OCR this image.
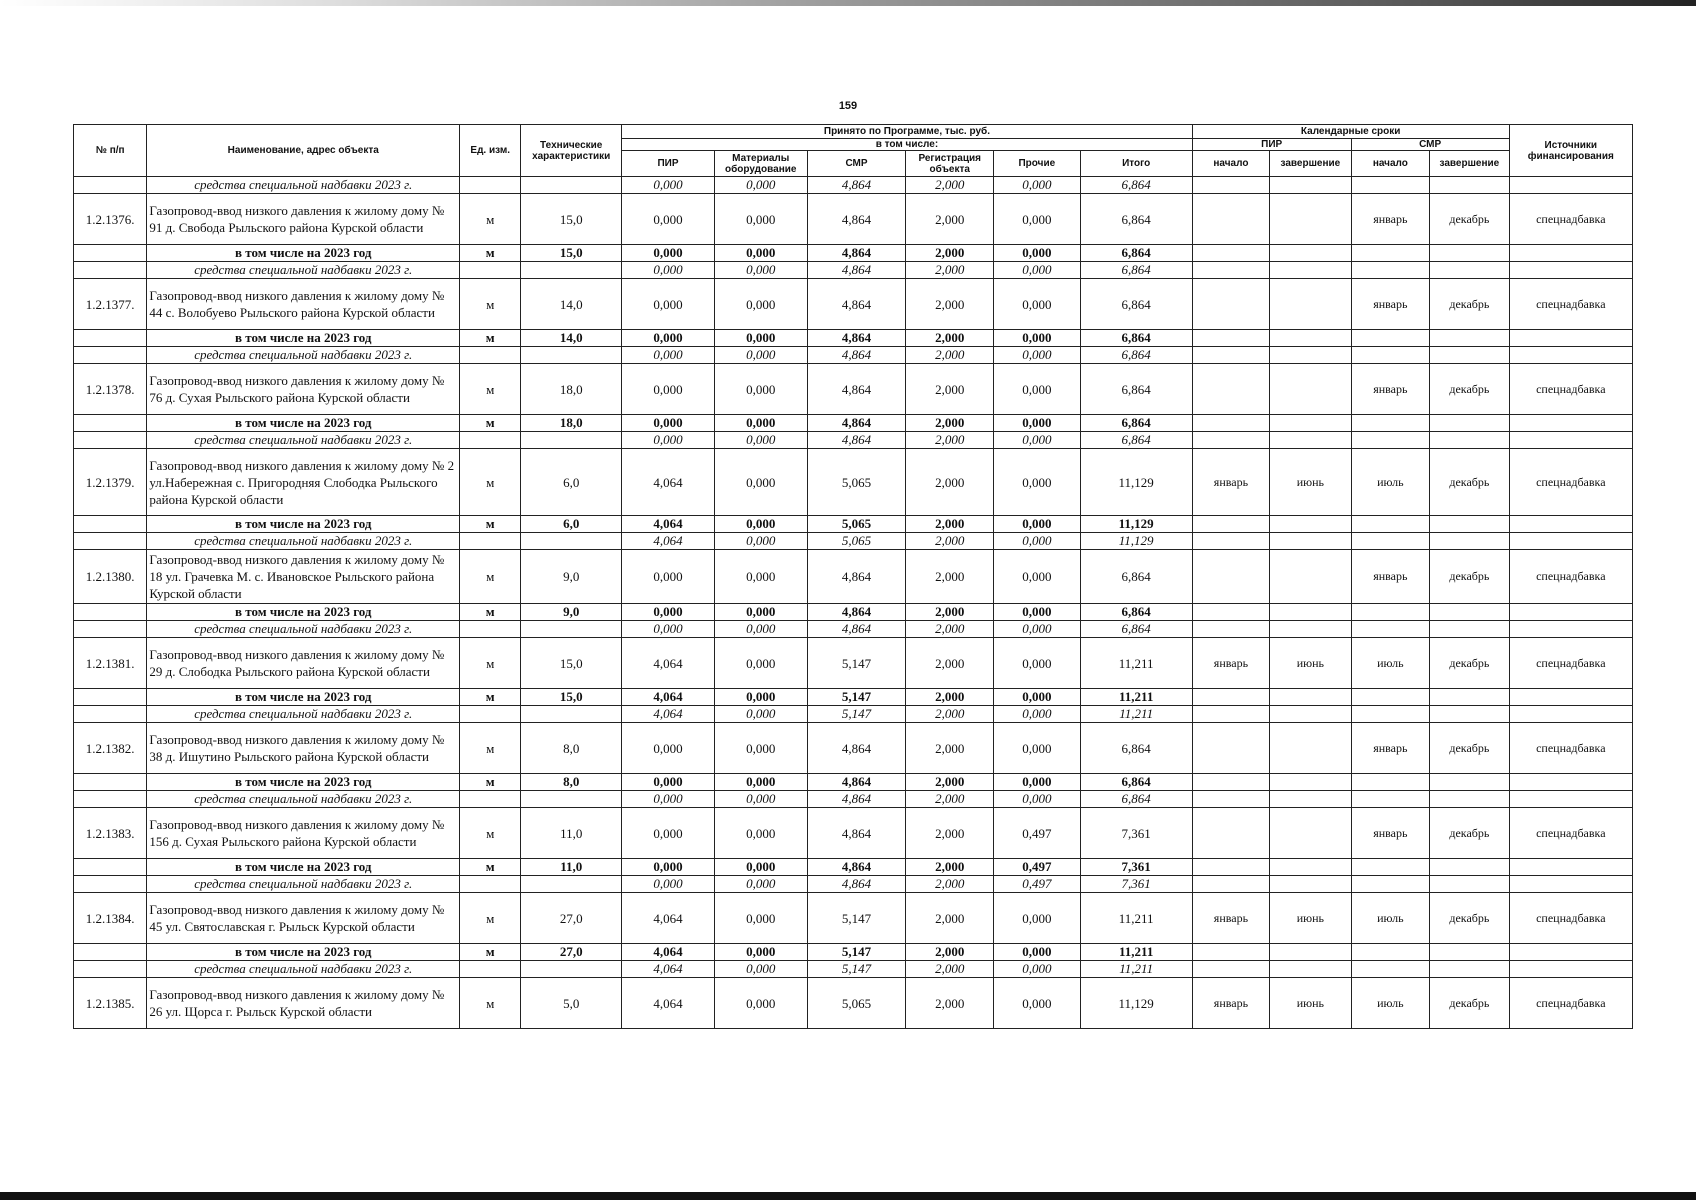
159
№ п/п	Наименование, адрес объекта	Ед. изм.	Технические характеристики	Принято по Программе, тыс. руб.						Календарные сроки				Источники финансирования
				в том числе:						ПИР		СМР		
				ПИР	Материалы оборудование	СМР	Регистрация объекта	Прочие	Итого	начало	завершение	начало	завершение	
	средства специальной надбавки 2023 г.			0,000	0,000	4,864	2,000	0,000	6,864					
1.2.1376.	Газопровод-ввод низкого давления к жилому дому № 91 д. Свобода Рыльского района Курской области	м	15,0	0,000	0,000	4,864	2,000	0,000	6,864			январь	декабрь	спецнадбавка
	в том числе на 2023 год	м	15,0	0,000	0,000	4,864	2,000	0,000	6,864					
	средства специальной надбавки 2023 г.			0,000	0,000	4,864	2,000	0,000	6,864					
1.2.1377.	Газопровод-ввод низкого давления к жилому дому № 44 с. Волобуево Рыльского района Курской области	м	14,0	0,000	0,000	4,864	2,000	0,000	6,864			январь	декабрь	спецнадбавка
	в том числе на 2023 год	м	14,0	0,000	0,000	4,864	2,000	0,000	6,864					
	средства специальной надбавки 2023 г.			0,000	0,000	4,864	2,000	0,000	6,864					
1.2.1378.	Газопровод-ввод низкого давления к жилому дому № 76 д. Сухая Рыльского района Курской области	м	18,0	0,000	0,000	4,864	2,000	0,000	6,864			январь	декабрь	спецнадбавка
	в том числе на 2023 год	м	18,0	0,000	0,000	4,864	2,000	0,000	6,864					
	средства специальной надбавки 2023 г.			0,000	0,000	4,864	2,000	0,000	6,864					
1.2.1379.	Газопровод-ввод низкого давления к жилому дому № 2 ул.Набережная с. Пригородняя Слободка Рыльского района Курской области	м	6,0	4,064	0,000	5,065	2,000	0,000	11,129	январь	июнь	июль	декабрь	спецнадбавка
	в том числе на 2023 год	м	6,0	4,064	0,000	5,065	2,000	0,000	11,129					
	средства специальной надбавки 2023 г.			4,064	0,000	5,065	2,000	0,000	11,129					
1.2.1380.	Газопровод-ввод низкого давления к жилому дому № 18 ул. Грачевка М. с. Ивановское Рыльского района Курской области	м	9,0	0,000	0,000	4,864	2,000	0,000	6,864			январь	декабрь	спецнадбавка
	в том числе на 2023 год	м	9,0	0,000	0,000	4,864	2,000	0,000	6,864					
	средства специальной надбавки 2023 г.			0,000	0,000	4,864	2,000	0,000	6,864					
1.2.1381.	Газопровод-ввод низкого давления к жилому дому № 29 д. Слободка Рыльского района Курской области	м	15,0	4,064	0,000	5,147	2,000	0,000	11,211	январь	июнь	июль	декабрь	спецнадбавка
	в том числе на 2023 год	м	15,0	4,064	0,000	5,147	2,000	0,000	11,211					
	средства специальной надбавки 2023 г.			4,064	0,000	5,147	2,000	0,000	11,211					
1.2.1382.	Газопровод-ввод низкого давления к жилому дому № 38 д. Ишутино Рыльского района Курской области	м	8,0	0,000	0,000	4,864	2,000	0,000	6,864			январь	декабрь	спецнадбавка
	в том числе на 2023 год	м	8,0	0,000	0,000	4,864	2,000	0,000	6,864					
	средства специальной надбавки 2023 г.			0,000	0,000	4,864	2,000	0,000	6,864					
1.2.1383.	Газопровод-ввод низкого давления к жилому дому № 156 д. Сухая Рыльского района Курской области	м	11,0	0,000	0,000	4,864	2,000	0,497	7,361			январь	декабрь	спецнадбавка
	в том числе на 2023 год	м	11,0	0,000	0,000	4,864	2,000	0,497	7,361					
	средства специальной надбавки 2023 г.			0,000	0,000	4,864	2,000	0,497	7,361					
1.2.1384.	Газопровод-ввод низкого давления к жилому дому № 45 ул. Святославская г. Рыльск Курской области	м	27,0	4,064	0,000	5,147	2,000	0,000	11,211	январь	июнь	июль	декабрь	спецнадбавка
	в том числе на 2023 год	м	27,0	4,064	0,000	5,147	2,000	0,000	11,211					
	средства специальной надбавки 2023 г.			4,064	0,000	5,147	2,000	0,000	11,211					
1.2.1385.	Газопровод-ввод низкого давления к жилому дому № 26 ул. Щорса г. Рыльск Курской области	м	5,0	4,064	0,000	5,065	2,000	0,000	11,129	январь	июнь	июль	декабрь	спецнадбавка
